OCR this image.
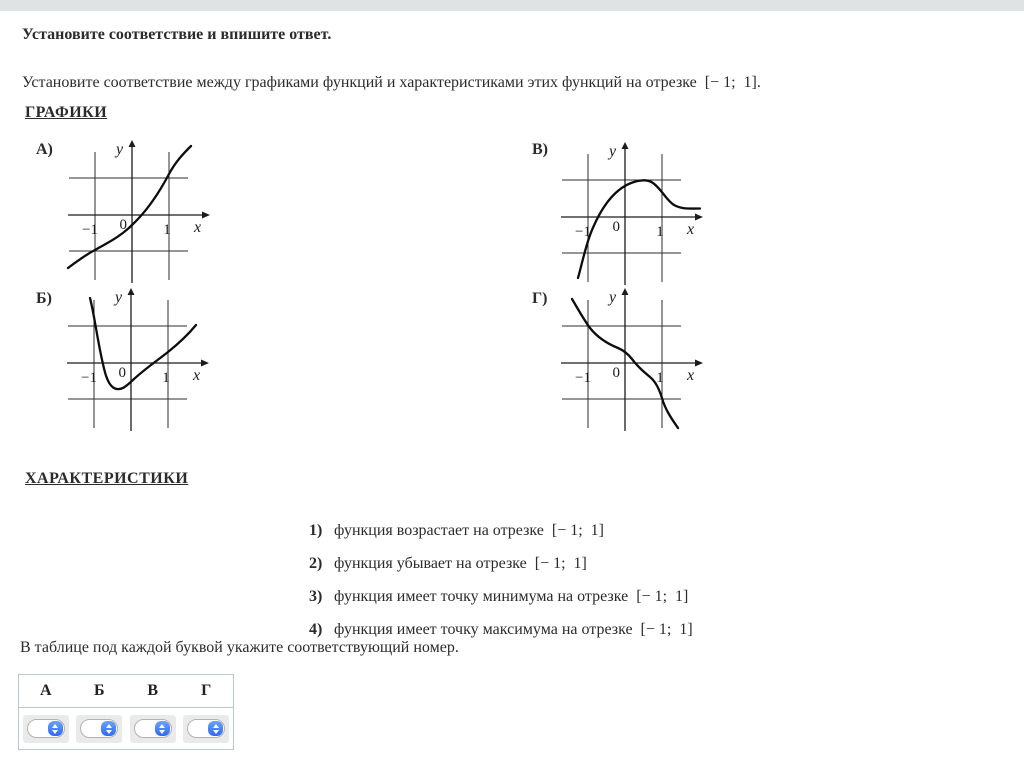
Установите соответствие и впишите ответ.
Установите соответствие между графиками функций и характеристиками этих функций на отрезке  [− 1;  1].
ГРАФИКИ
А)	y
x
−1 0 1
В)	y
x
−1 0 1
Б)	y
x
−1 0 1
Г)	y
x
−1 0 1
ХАРАКТЕРИСТИКИ

1) функция возрастает на отрезке  [− 1;  1]

2) функция убывает на отрезке  [− 1;  1]

3) функция имеет точку минимума на отрезке  [− 1;  1]

4) функция имеет точку максимума на отрезке  [− 1;  1]

В таблице под каждой буквой укажите соответствующий номер.
А	Б	В	Г
